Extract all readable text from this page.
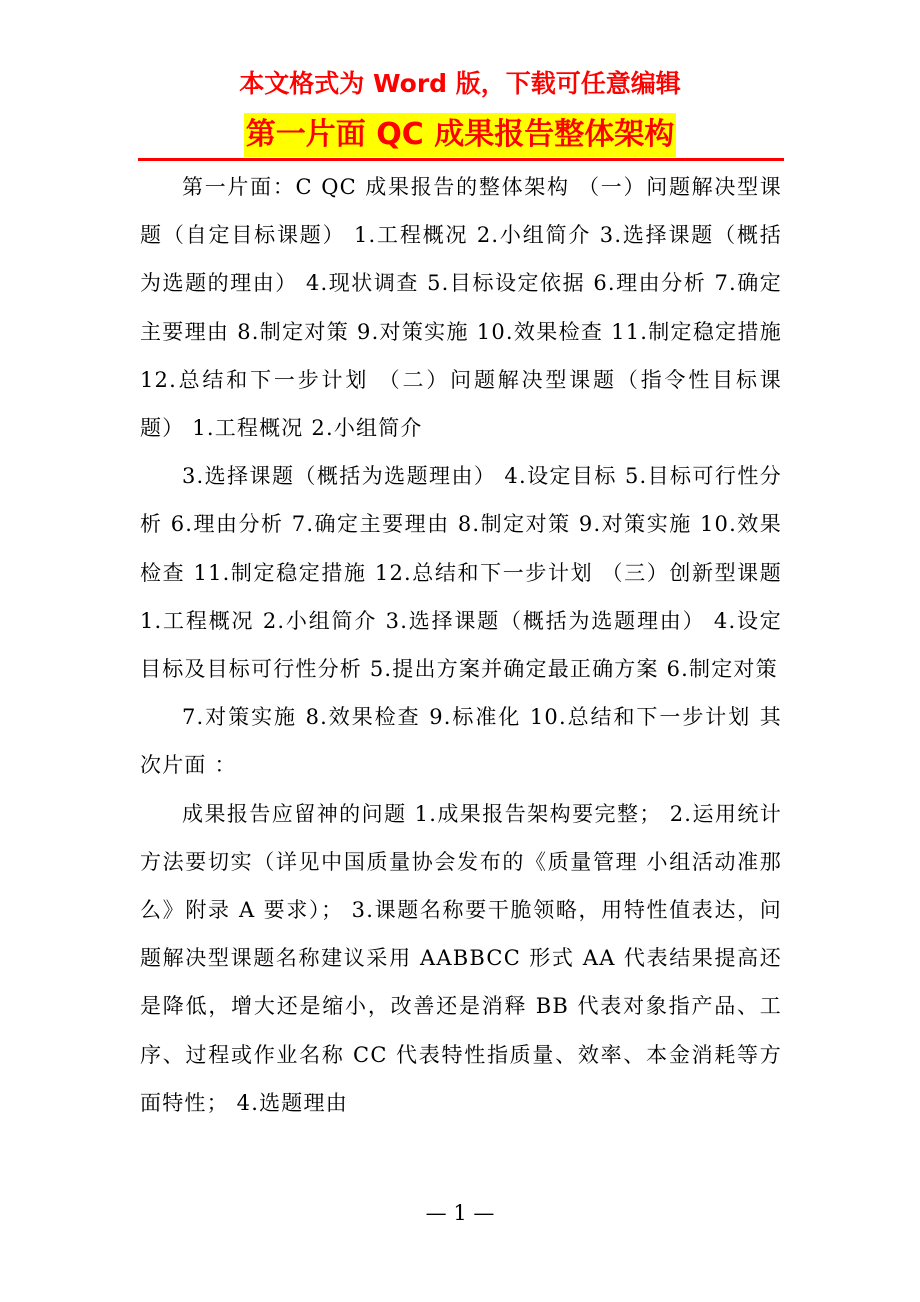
本文格式为 Word 版，下载可任意编辑
第一片面 QC 成果报告整体架构

第一片面：C QC 成果报告的整体架构 （一）问题解决型课题（自定目标课题） 1.工程概况 2.小组简介 3.选择课题（概括为选题的理由） 4.现状调查 5.目标设定依据 6.理由分析 7.确定主要理由 8.制定对策 9.对策实施 10.效果检查 11.制定稳定措施 12.总结和下一步计划 （二）问题解决型课题（指令性目标课题） 1.工程概况 2.小组简介

3.选择课题（概括为选题理由） 4.设定目标 5.目标可行性分析 6.理由分析 7.确定主要理由 8.制定对策 9.对策实施 10.效果检查 11.制定稳定措施 12.总结和下一步计划 （三）创新型课题 1.工程概况 2.小组简介 3.选择课题（概括为选题理由） 4.设定目标及目标可行性分析 5.提出方案并确定最正确方案 6.制定对策

7.对策实施 8.效果检查 9.标准化 10.总结和下一步计划 其次片面 ：

成果报告应留神的问题 1.成果报告架构要完整； 2.运用统计方法要切实（详见中国质量协会发布的《质量管理 小组活动准那么》附录 A 要求）； 3.课题名称要干脆领略，用特性值表达，问题解决型课题名称建议采用 AABBCC 形式 AA 代表结果提高还是降低，增大还是缩小，改善还是消释 BB 代表对象指产品、工序、过程或作业名称 CC 代表特性指质量、效率、本金消耗等方面特性； 4.选题理由

— 1 —
